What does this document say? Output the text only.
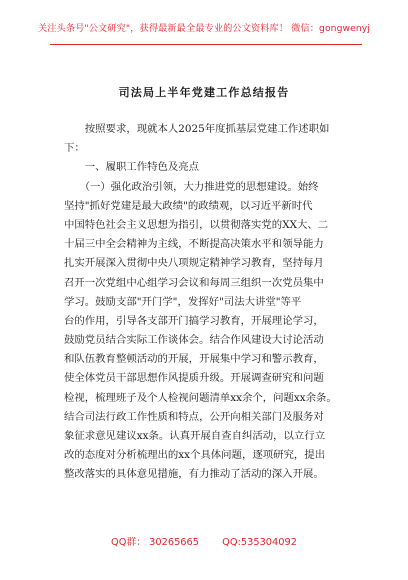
关注头条号"公文研究"，获得最新最全最专业的公文资料库！ 微信：gongwenyj
司法局上半年党建工作总结报告
　　按照要求，现就本人2025年度抓基层党建工作述职如
下：
　　一、履职工作特色及亮点
　　（一）强化政治引领，大力推进党的思想建设。始终
坚持"抓好党建是最大政绩"的政绩观，以习近平新时代
中国特色社会主义思想为指引，以贯彻落实党的XX大、二
十届三中全会精神为主线，不断提高决策水平和领导能力
扎实开展深入贯彻中央八项规定精神学习教育，坚持每月
召开一次党组中心组学习会议和每周三组织一次党员集中
学习。鼓励支部"开门学"，发挥好"司法大讲堂"等平
台的作用，引导各支部开门搞学习教育，开展理论学习，
鼓励党员结合实际工作谈体会。结合作风建设大讨论活动
和队伍教育整顿活动的开展，开展集中学习和警示教育，
使全体党员干部思想作风提质升级。开展调查研究和问题
检视，梳理班子及个人检视问题清单xx余个，问题xx余条。
结合司法行政工作性质和特点，公开向相关部门及服务对
象征求意见建议xx条。认真开展自查自纠活动，以立行立
改的态度对分析梳理出的xx个具体问题，逐项研究，提出
整改落实的具体意见措施，有力推动了活动的深入开展。
QQ群： 30265665 QQ:535304092
